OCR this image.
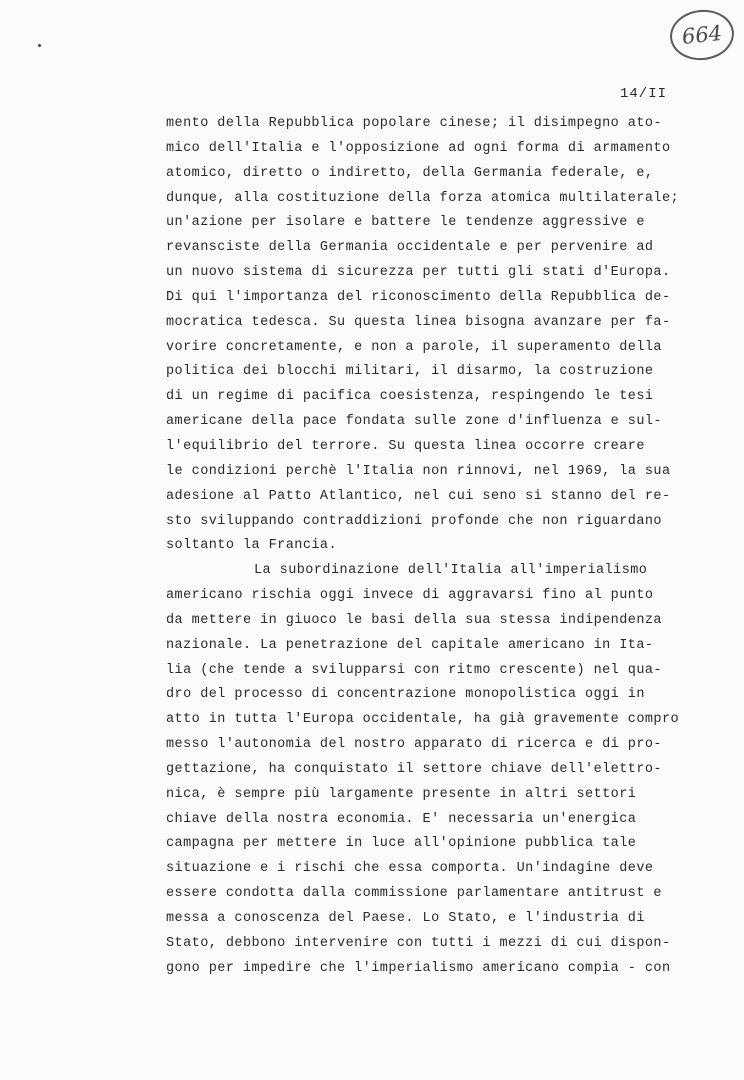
664
14/II
mento della Repubblica popolare cinese; il disimpegno ato-
mico dell'Italia e l'opposizione ad ogni forma di armamento
atomico, diretto o indiretto, della Germania federale, e,
dunque, alla costituzione della forza atomica multilaterale;
un'azione per isolare e battere le tendenze aggressive e
revansciste della Germania occidentale e per pervenire ad
un nuovo sistema di sicurezza per tutti gli stati d'Europa.
Di qui l'importanza del riconoscimento della Repubblica de-
mocratica tedesca. Su questa linea bisogna avanzare per fa-
vorire concretamente, e non a parole, il superamento della
politica dei blocchi militari, il disarmo, la costruzione
di un regime di pacifica coesistenza, respingendo le tesi
americane della pace fondata sulle zone d'influenza e sul-
l'equilibrio del terrore. Su questa linea occorre creare
le condizioni perchè l'Italia non rinnovi, nel 1969, la sua
adesione al Patto Atlantico, nel cui seno si stanno del re-
sto sviluppando contraddizioni profonde che non riguardano
soltanto la Francia.
La subordinazione dell'Italia all'imperialismo
americano rischia oggi invece di aggravarsi fino al punto
da mettere in giuoco le basi della sua stessa indipendenza
nazionale. La penetrazione del capitale americano in Ita-
lia (che tende a svilupparsi con ritmo crescente) nel qua-
dro del processo di concentrazione monopolistica oggi in
atto in tutta l'Europa occidentale, ha già gravemente compro
messo l'autonomia del nostro apparato di ricerca e di pro-
gettazione, ha conquistato il settore chiave dell'elettro-
nica, è sempre più largamente presente in altri settori
chiave della nostra economia. E' necessaria un'energica
campagna per mettere in luce all'opinione pubblica tale
situazione e i rischi che essa comporta. Un'indagine deve
essere condotta dalla commissione parlamentare antitrust e
messa a conoscenza del Paese. Lo Stato, e l'industria di
Stato, debbono intervenire con tutti i mezzi di cui dispon-
gono per impedire che l'imperialismo americano compia - con
